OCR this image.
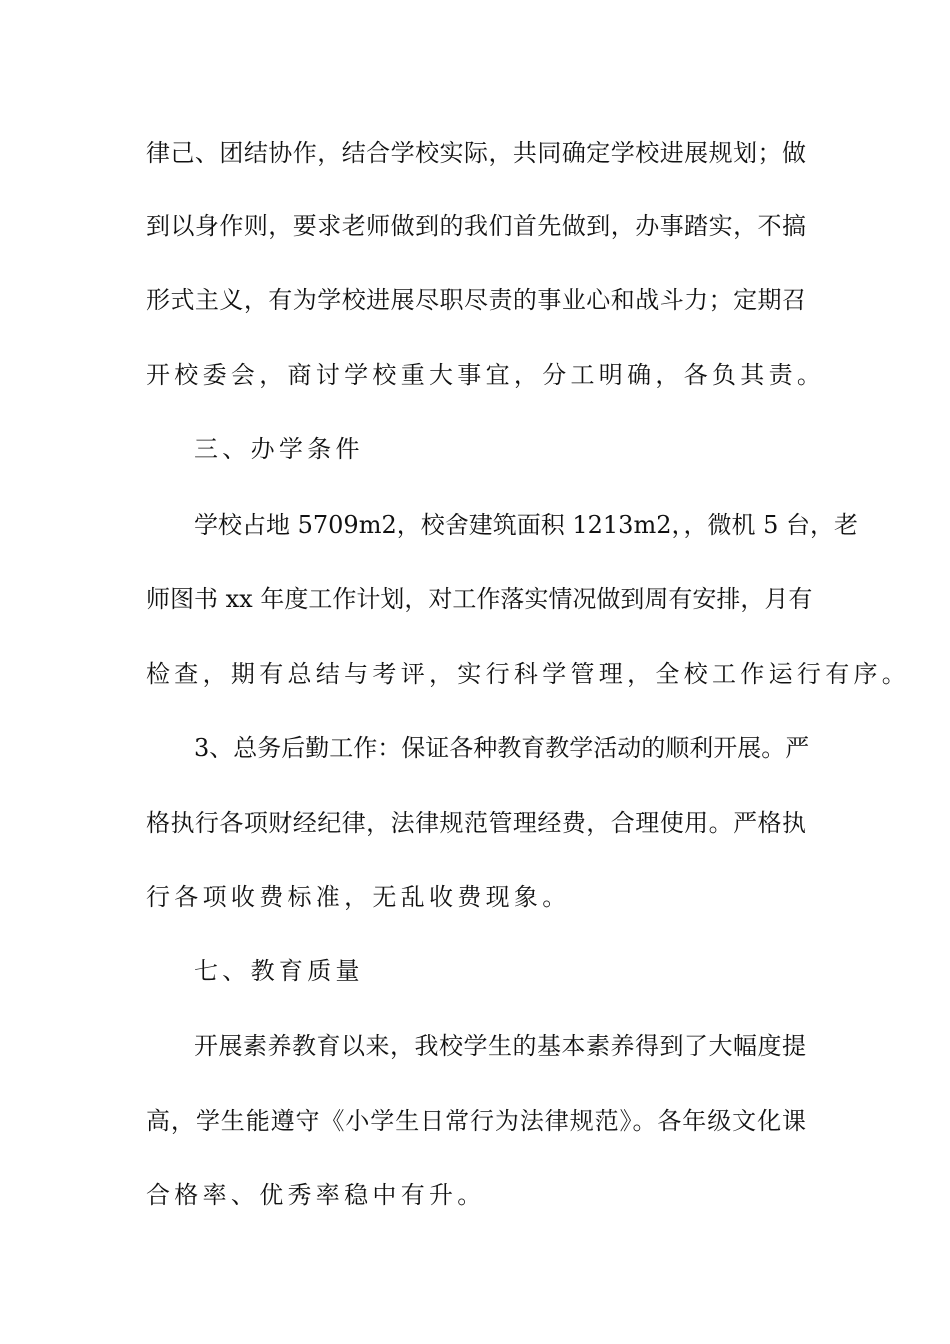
律己、团结协作，结合学校实际，共同确定学校进展规划；做
到以身作则，要求老师做到的我们首先做到，办事踏实，不搞
形式主义，有为学校进展尽职尽责的事业心和战斗力；定期召
开校委会，商讨学校重大事宜，分工明确，各负其责。
三、办学条件
学校占地 5709m2，校舍建筑面积 1213m2，，微机 5 台，老
师图书 xx 年度工作计划，对工作落实情况做到周有安排，月有
检查，期有总结与考评，实行科学管理，全校工作运行有序。
3、总务后勤工作：保证各种教育教学活动的顺利开展。严
格执行各项财经纪律，法律规范管理经费，合理使用。严格执
行各项收费标准，无乱收费现象。
七、教育质量
开展素养教育以来，我校学生的基本素养得到了大幅度提
高，学生能遵守《小学生日常行为法律规范》。各年级文化课
合格率、优秀率稳中有升。
